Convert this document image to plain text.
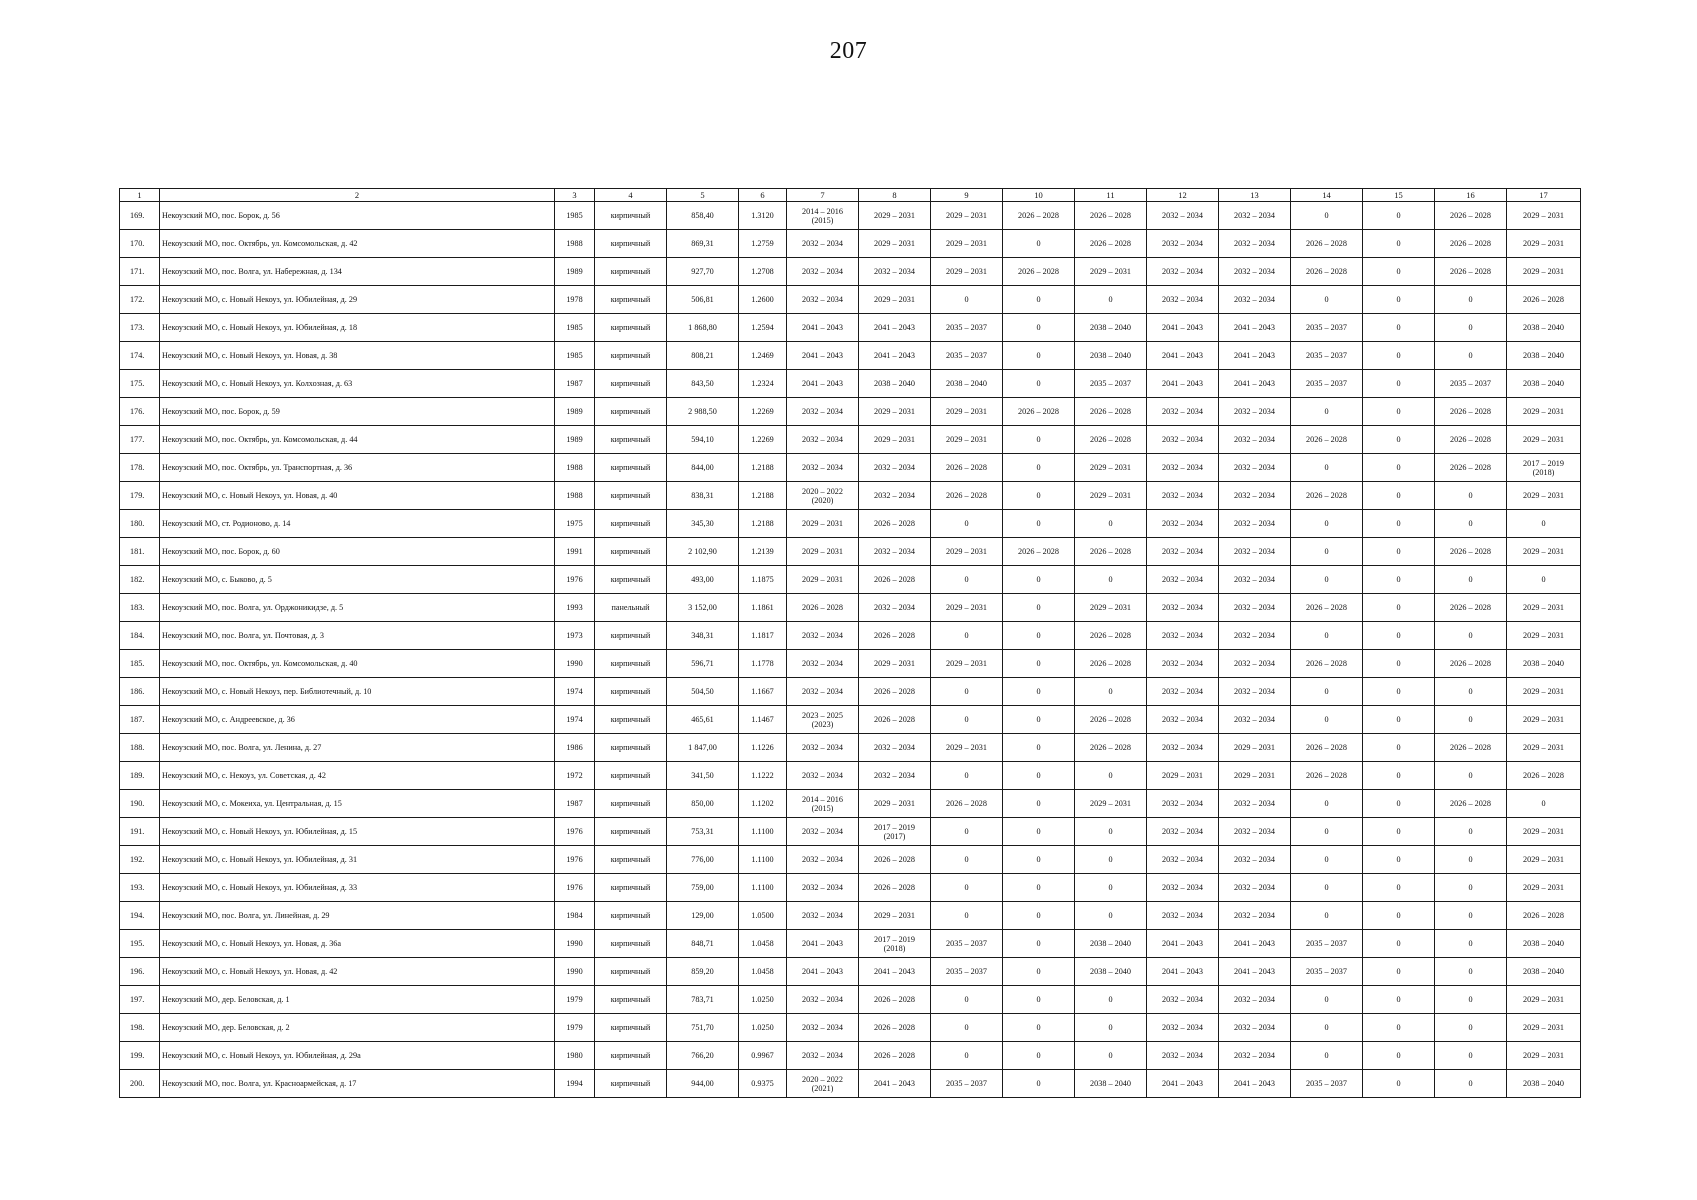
207
1	2	3	4	5	6	7	8	9	10	11	12	13	14	15	16	17
169.	Некоузский МО, пос. Борок, д. 56	1985	кирпичный	858,40	1.3120	2014 – 2016
(2015)	2029 – 2031	2029 – 2031	2026 – 2028	2026 – 2028	2032 – 2034	2032 – 2034	0	0	2026 – 2028	2029 – 2031
170.	Некоузский МО, пос. Октябрь, ул. Комсомольская, д. 42	1988	кирпичный	869,31	1.2759	2032 – 2034	2029 – 2031	2029 – 2031	0	2026 – 2028	2032 – 2034	2032 – 2034	2026 – 2028	0	2026 – 2028	2029 – 2031
171.	Некоузский МО, пос. Волга, ул. Набережная, д. 134	1989	кирпичный	927,70	1.2708	2032 – 2034	2032 – 2034	2029 – 2031	2026 – 2028	2029 – 2031	2032 – 2034	2032 – 2034	2026 – 2028	0	2026 – 2028	2029 – 2031
172.	Некоузский МО, с. Новый Некоуз, ул. Юбилейная, д. 29	1978	кирпичный	506,81	1.2600	2032 – 2034	2029 – 2031	0	0	0	2032 – 2034	2032 – 2034	0	0	0	2026 – 2028
173.	Некоузский МО, с. Новый Некоуз, ул. Юбилейная, д. 18	1985	кирпичный	1 868,80	1.2594	2041 – 2043	2041 – 2043	2035 – 2037	0	2038 – 2040	2041 – 2043	2041 – 2043	2035 – 2037	0	0	2038 – 2040
174.	Некоузский МО, с. Новый Некоуз, ул. Новая, д. 38	1985	кирпичный	808,21	1.2469	2041 – 2043	2041 – 2043	2035 – 2037	0	2038 – 2040	2041 – 2043	2041 – 2043	2035 – 2037	0	0	2038 – 2040
175.	Некоузский МО, с. Новый Некоуз, ул. Колхозная, д. 63	1987	кирпичный	843,50	1.2324	2041 – 2043	2038 – 2040	2038 – 2040	0	2035 – 2037	2041 – 2043	2041 – 2043	2035 – 2037	0	2035 – 2037	2038 – 2040
176.	Некоузский МО, пос. Борок, д. 59	1989	кирпичный	2 988,50	1.2269	2032 – 2034	2029 – 2031	2029 – 2031	2026 – 2028	2026 – 2028	2032 – 2034	2032 – 2034	0	0	2026 – 2028	2029 – 2031
177.	Некоузский МО, пос. Октябрь, ул. Комсомольская, д. 44	1989	кирпичный	594,10	1.2269	2032 – 2034	2029 – 2031	2029 – 2031	0	2026 – 2028	2032 – 2034	2032 – 2034	2026 – 2028	0	2026 – 2028	2029 – 2031
178.	Некоузский МО, пос. Октябрь, ул. Транспортная, д. 36	1988	кирпичный	844,00	1.2188	2032 – 2034	2032 – 2034	2026 – 2028	0	2029 – 2031	2032 – 2034	2032 – 2034	0	0	2026 – 2028	2017 – 2019
(2018)
179.	Некоузский МО, с. Новый Некоуз, ул. Новая, д. 40	1988	кирпичный	838,31	1.2188	2020 – 2022
(2020)	2032 – 2034	2026 – 2028	0	2029 – 2031	2032 – 2034	2032 – 2034	2026 – 2028	0	0	2029 – 2031
180.	Некоузский МО, ст. Родионово, д. 14	1975	кирпичный	345,30	1.2188	2029 – 2031	2026 – 2028	0	0	0	2032 – 2034	2032 – 2034	0	0	0	0
181.	Некоузский МО, пос. Борок, д. 60	1991	кирпичный	2 102,90	1.2139	2029 – 2031	2032 – 2034	2029 – 2031	2026 – 2028	2026 – 2028	2032 – 2034	2032 – 2034	0	0	2026 – 2028	2029 – 2031
182.	Некоузский МО, с. Быково, д. 5	1976	кирпичный	493,00	1.1875	2029 – 2031	2026 – 2028	0	0	0	2032 – 2034	2032 – 2034	0	0	0	0
183.	Некоузский МО, пос. Волга, ул. Орджоникидзе, д. 5	1993	панельный	3 152,00	1.1861	2026 – 2028	2032 – 2034	2029 – 2031	0	2029 – 2031	2032 – 2034	2032 – 2034	2026 – 2028	0	2026 – 2028	2029 – 2031
184.	Некоузский МО, пос. Волга, ул. Почтовая, д. 3	1973	кирпичный	348,31	1.1817	2032 – 2034	2026 – 2028	0	0	2026 – 2028	2032 – 2034	2032 – 2034	0	0	0	2029 – 2031
185.	Некоузский МО, пос. Октябрь, ул. Комсомольская, д. 40	1990	кирпичный	596,71	1.1778	2032 – 2034	2029 – 2031	2029 – 2031	0	2026 – 2028	2032 – 2034	2032 – 2034	2026 – 2028	0	2026 – 2028	2038 – 2040
186.	Некоузский МО, с. Новый Некоуз, пер. Библиотечный, д. 10	1974	кирпичный	504,50	1.1667	2032 – 2034	2026 – 2028	0	0	0	2032 – 2034	2032 – 2034	0	0	0	2029 – 2031
187.	Некоузский МО, с. Андреевское, д. 36	1974	кирпичный	465,61	1.1467	2023 – 2025
(2023)	2026 – 2028	0	0	2026 – 2028	2032 – 2034	2032 – 2034	0	0	0	2029 – 2031
188.	Некоузский МО, пос. Волга, ул. Ленина, д. 27	1986	кирпичный	1 847,00	1.1226	2032 – 2034	2032 – 2034	2029 – 2031	0	2026 – 2028	2032 – 2034	2029 – 2031	2026 – 2028	0	2026 – 2028	2029 – 2031
189.	Некоузский МО, с. Некоуз, ул. Советская, д. 42	1972	кирпичный	341,50	1.1222	2032 – 2034	2032 – 2034	0	0	0	2029 – 2031	2029 – 2031	2026 – 2028	0	0	2026 – 2028
190.	Некоузский МО, с. Мокеиха, ул. Центральная, д. 15	1987	кирпичный	850,00	1.1202	2014 – 2016
(2015)	2029 – 2031	2026 – 2028	0	2029 – 2031	2032 – 2034	2032 – 2034	0	0	2026 – 2028	0
191.	Некоузский МО, с. Новый Некоуз, ул. Юбилейная, д. 15	1976	кирпичный	753,31	1.1100	2032 – 2034	2017 – 2019
(2017)	0	0	0	2032 – 2034	2032 – 2034	0	0	0	2029 – 2031
192.	Некоузский МО, с. Новый Некоуз, ул. Юбилейная, д. 31	1976	кирпичный	776,00	1.1100	2032 – 2034	2026 – 2028	0	0	0	2032 – 2034	2032 – 2034	0	0	0	2029 – 2031
193.	Некоузский МО, с. Новый Некоуз, ул. Юбилейная, д. 33	1976	кирпичный	759,00	1.1100	2032 – 2034	2026 – 2028	0	0	0	2032 – 2034	2032 – 2034	0	0	0	2029 – 2031
194.	Некоузский МО, пос. Волга, ул. Линейная, д. 29	1984	кирпичный	129,00	1.0500	2032 – 2034	2029 – 2031	0	0	0	2032 – 2034	2032 – 2034	0	0	0	2026 – 2028
195.	Некоузский МО, с. Новый Некоуз, ул. Новая, д. 36а	1990	кирпичный	848,71	1.0458	2041 – 2043	2017 – 2019
(2018)	2035 – 2037	0	2038 – 2040	2041 – 2043	2041 – 2043	2035 – 2037	0	0	2038 – 2040
196.	Некоузский МО, с. Новый Некоуз, ул. Новая, д. 42	1990	кирпичный	859,20	1.0458	2041 – 2043	2041 – 2043	2035 – 2037	0	2038 – 2040	2041 – 2043	2041 – 2043	2035 – 2037	0	0	2038 – 2040
197.	Некоузский МО, дер. Беловская, д. 1	1979	кирпичный	783,71	1.0250	2032 – 2034	2026 – 2028	0	0	0	2032 – 2034	2032 – 2034	0	0	0	2029 – 2031
198.	Некоузский МО, дер. Беловская, д. 2	1979	кирпичный	751,70	1.0250	2032 – 2034	2026 – 2028	0	0	0	2032 – 2034	2032 – 2034	0	0	0	2029 – 2031
199.	Некоузский МО, с. Новый Некоуз, ул. Юбилейная, д. 29а	1980	кирпичный	766,20	0.9967	2032 – 2034	2026 – 2028	0	0	0	2032 – 2034	2032 – 2034	0	0	0	2029 – 2031
200.	Некоузский МО, пос. Волга, ул. Красноармейская, д. 17	1994	кирпичный	944,00	0.9375	2020 – 2022
(2021)	2041 – 2043	2035 – 2037	0	2038 – 2040	2041 – 2043	2041 – 2043	2035 – 2037	0	0	2038 – 2040
